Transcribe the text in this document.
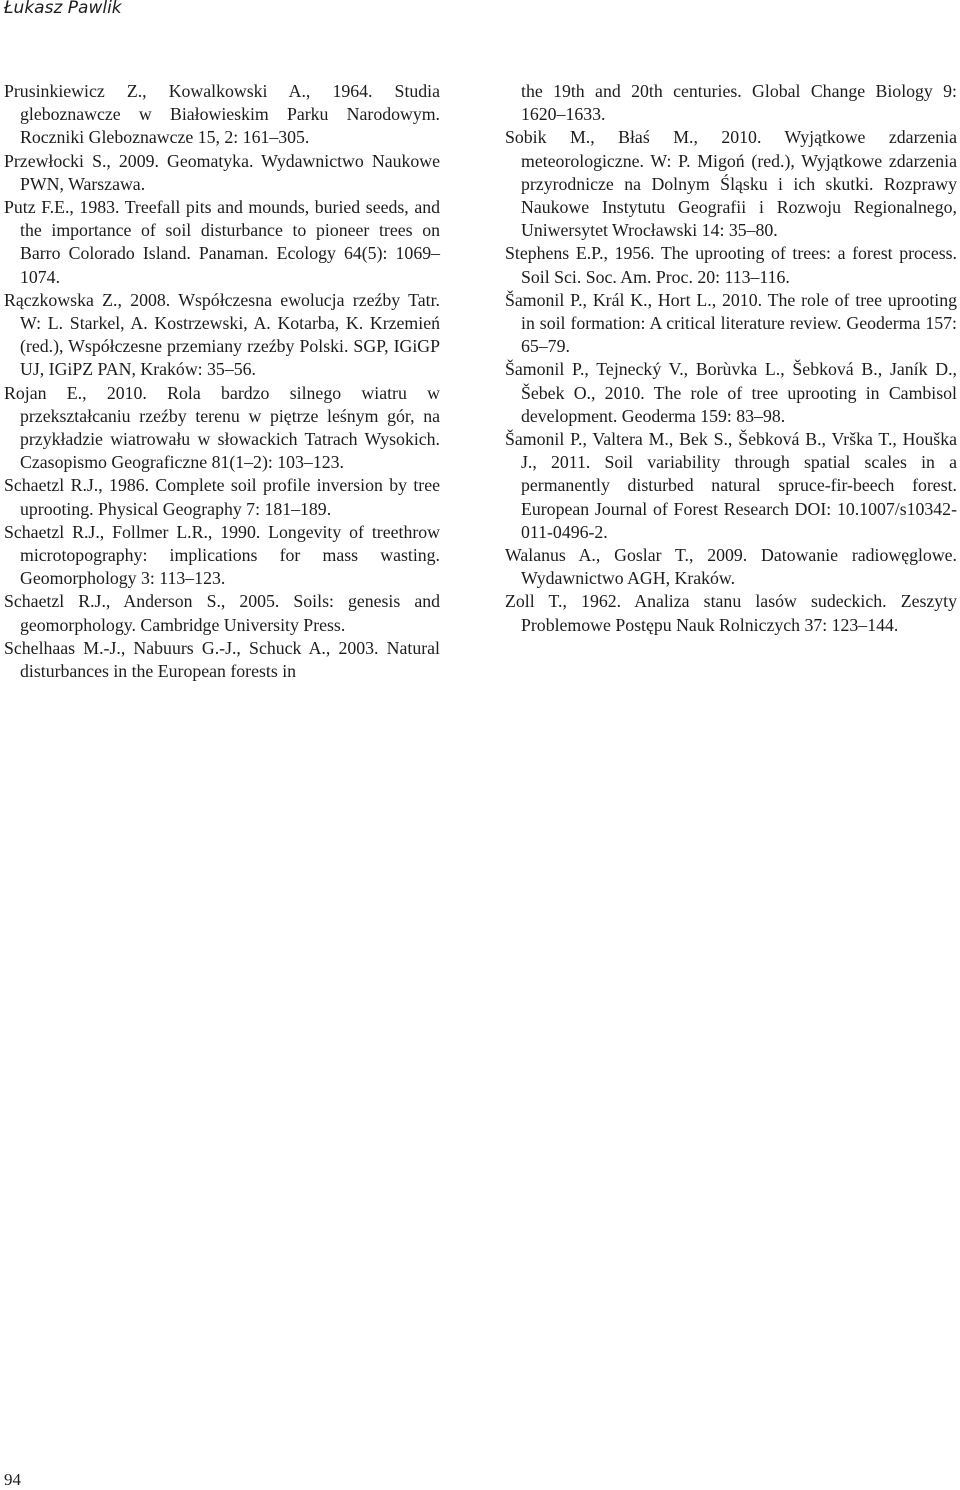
Łukasz Pawlik

Prusinkiewicz Z., Kowalkowski A., 1964. Studia gleboznawcze w Białowieskim Parku Narodowym. Roczniki Gleboznawcze 15, 2: 161–305.

Przewłocki S., 2009. Geomatyka. Wydawnictwo Naukowe PWN, Warszawa.

Putz F.E., 1983. Treefall pits and mounds, buried seeds, and the importance of soil disturbance to pioneer trees on Barro Colorado Island. Panaman. Ecology 64(5): 1069–1074.

Rączkowska Z., 2008. Współczesna ewolucja rzeźby Tatr. W: L. Starkel, A. Kostrzewski, A. Kotarba, K. Krzemień (red.), Współczesne przemiany rzeźby Polski. SGP, IGiGP UJ, IGiPZ PAN, Kraków: 35–56.

Rojan E., 2010. Rola bardzo silnego wiatru w przekształcaniu rzeźby terenu w piętrze leśnym gór, na przykładzie wiatrowału w słowackich Tatrach Wysokich. Czasopismo Geograficzne 81(1–2): 103–123.

Schaetzl R.J., 1986. Complete soil profile inversion by tree uprooting. Physical Geography 7: 181–189.

Schaetzl R.J., Follmer L.R., 1990. Longevity of treethrow microtopography: implications for mass wasting. Geomorphology 3: 113–123.

Schaetzl R.J., Anderson S., 2005. Soils: genesis and geomorphology. Cambridge University Press.

Schelhaas M.-J., Nabuurs G.-J., Schuck A., 2003. Natural disturbances in the European forests in

the 19th and 20th centuries. Global Change Biology 9: 1620–1633.

Sobik M., Błaś M., 2010. Wyjątkowe zdarzenia meteorologiczne. W: P. Migoń (red.), Wyjątkowe zdarzenia przyrodnicze na Dolnym Śląsku i ich skutki. Rozprawy Naukowe Instytutu Geografii i Rozwoju Regionalnego, Uniwersytet Wrocławski 14: 35–80.

Stephens E.P., 1956. The uprooting of trees: a forest process. Soil Sci. Soc. Am. Proc. 20: 113–116.

Šamonil P., Král K., Hort L., 2010. The role of tree uprooting in soil formation: A critical literature review. Geoderma 157: 65–79.

Šamonil P., Tejnecký V., Borùvka L., Šebková B., Janík D., Šebek O., 2010. The role of tree uprooting in Cambisol development. Geoderma 159: 83–98.

Šamonil P., Valtera M., Bek S., Šebková B., Vrška T., Houška J., 2011. Soil variability through spatial scales in a permanently disturbed natural spruce-fir-beech forest. European Journal of Forest Research DOI: 10.1007/s10342-011-0496-2.

Walanus A., Goslar T., 2009. Datowanie radiowęglowe. Wydawnictwo AGH, Kraków.

Zoll T., 1962. Analiza stanu lasów sudeckich. Zeszyty Problemowe Postępu Nauk Rolniczych 37: 123–144.

94
